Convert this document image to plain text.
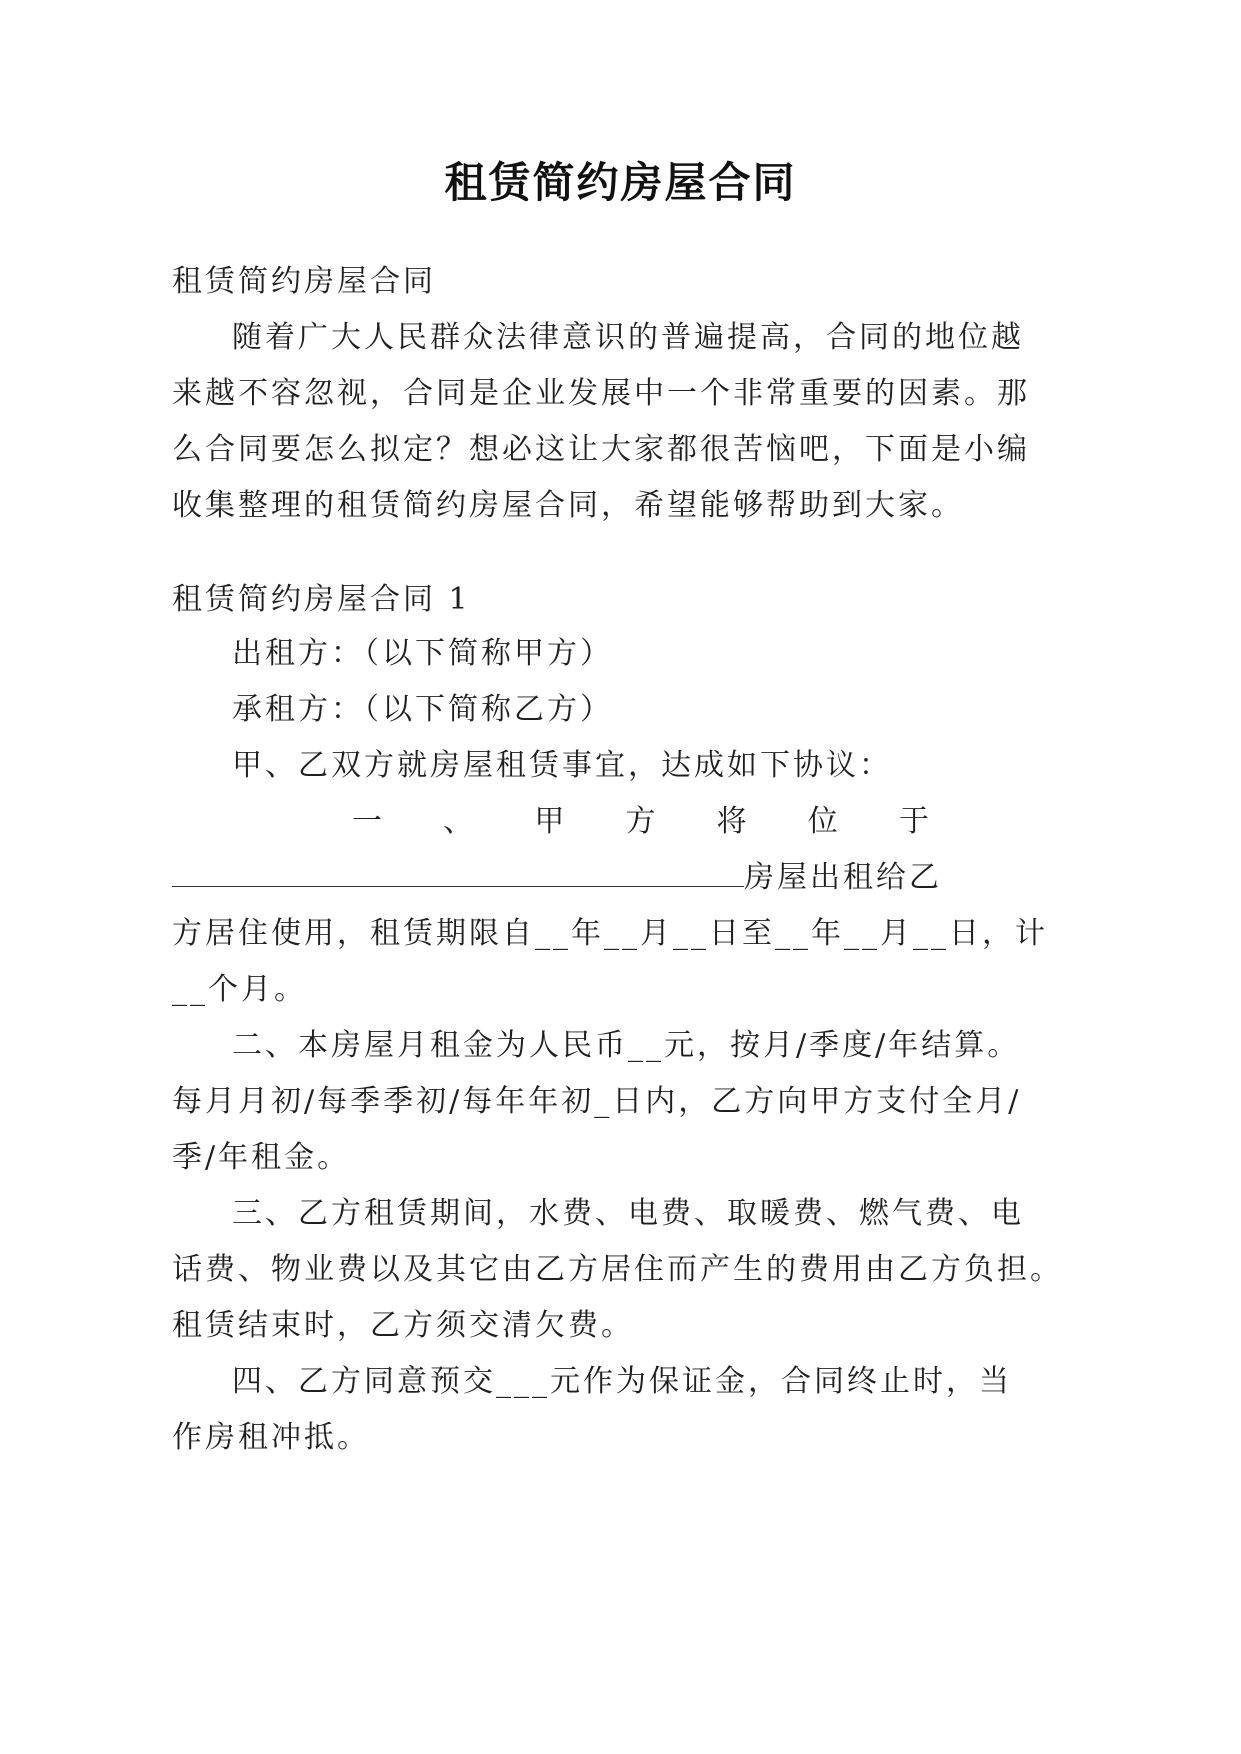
租赁简约房屋合同
租赁简约房屋合同
随着广大人民群众法律意识的普遍提高，合同的地位越
来越不容忽视，合同是企业发展中一个非常重要的因素。那
么合同要怎么拟定？想必这让大家都很苦恼吧，下面是小编
收集整理的租赁简约房屋合同，希望能够帮助到大家。
租赁简约房屋合同 1
出租方：（以下简称甲方）
承租方：（以下简称乙方）
甲、乙双方就房屋租赁事宜，达成如下协议：
一 、 甲 方 将 位 于
房屋出租给乙
方居住使用，租赁期限自__年__月__日至__年__月__日，计
__个月。
二、本房屋月租金为人民币__元，按月/季度/年结算。
每月月初/每季季初/每年年初_日内，乙方向甲方支付全月/
季/年租金。
三、乙方租赁期间，水费、电费、取暖费、燃气费、电
话费、物业费以及其它由乙方居住而产生的费用由乙方负担。
租赁结束时，乙方须交清欠费。
四、乙方同意预交___元作为保证金，合同终止时，当
作房租冲抵。
